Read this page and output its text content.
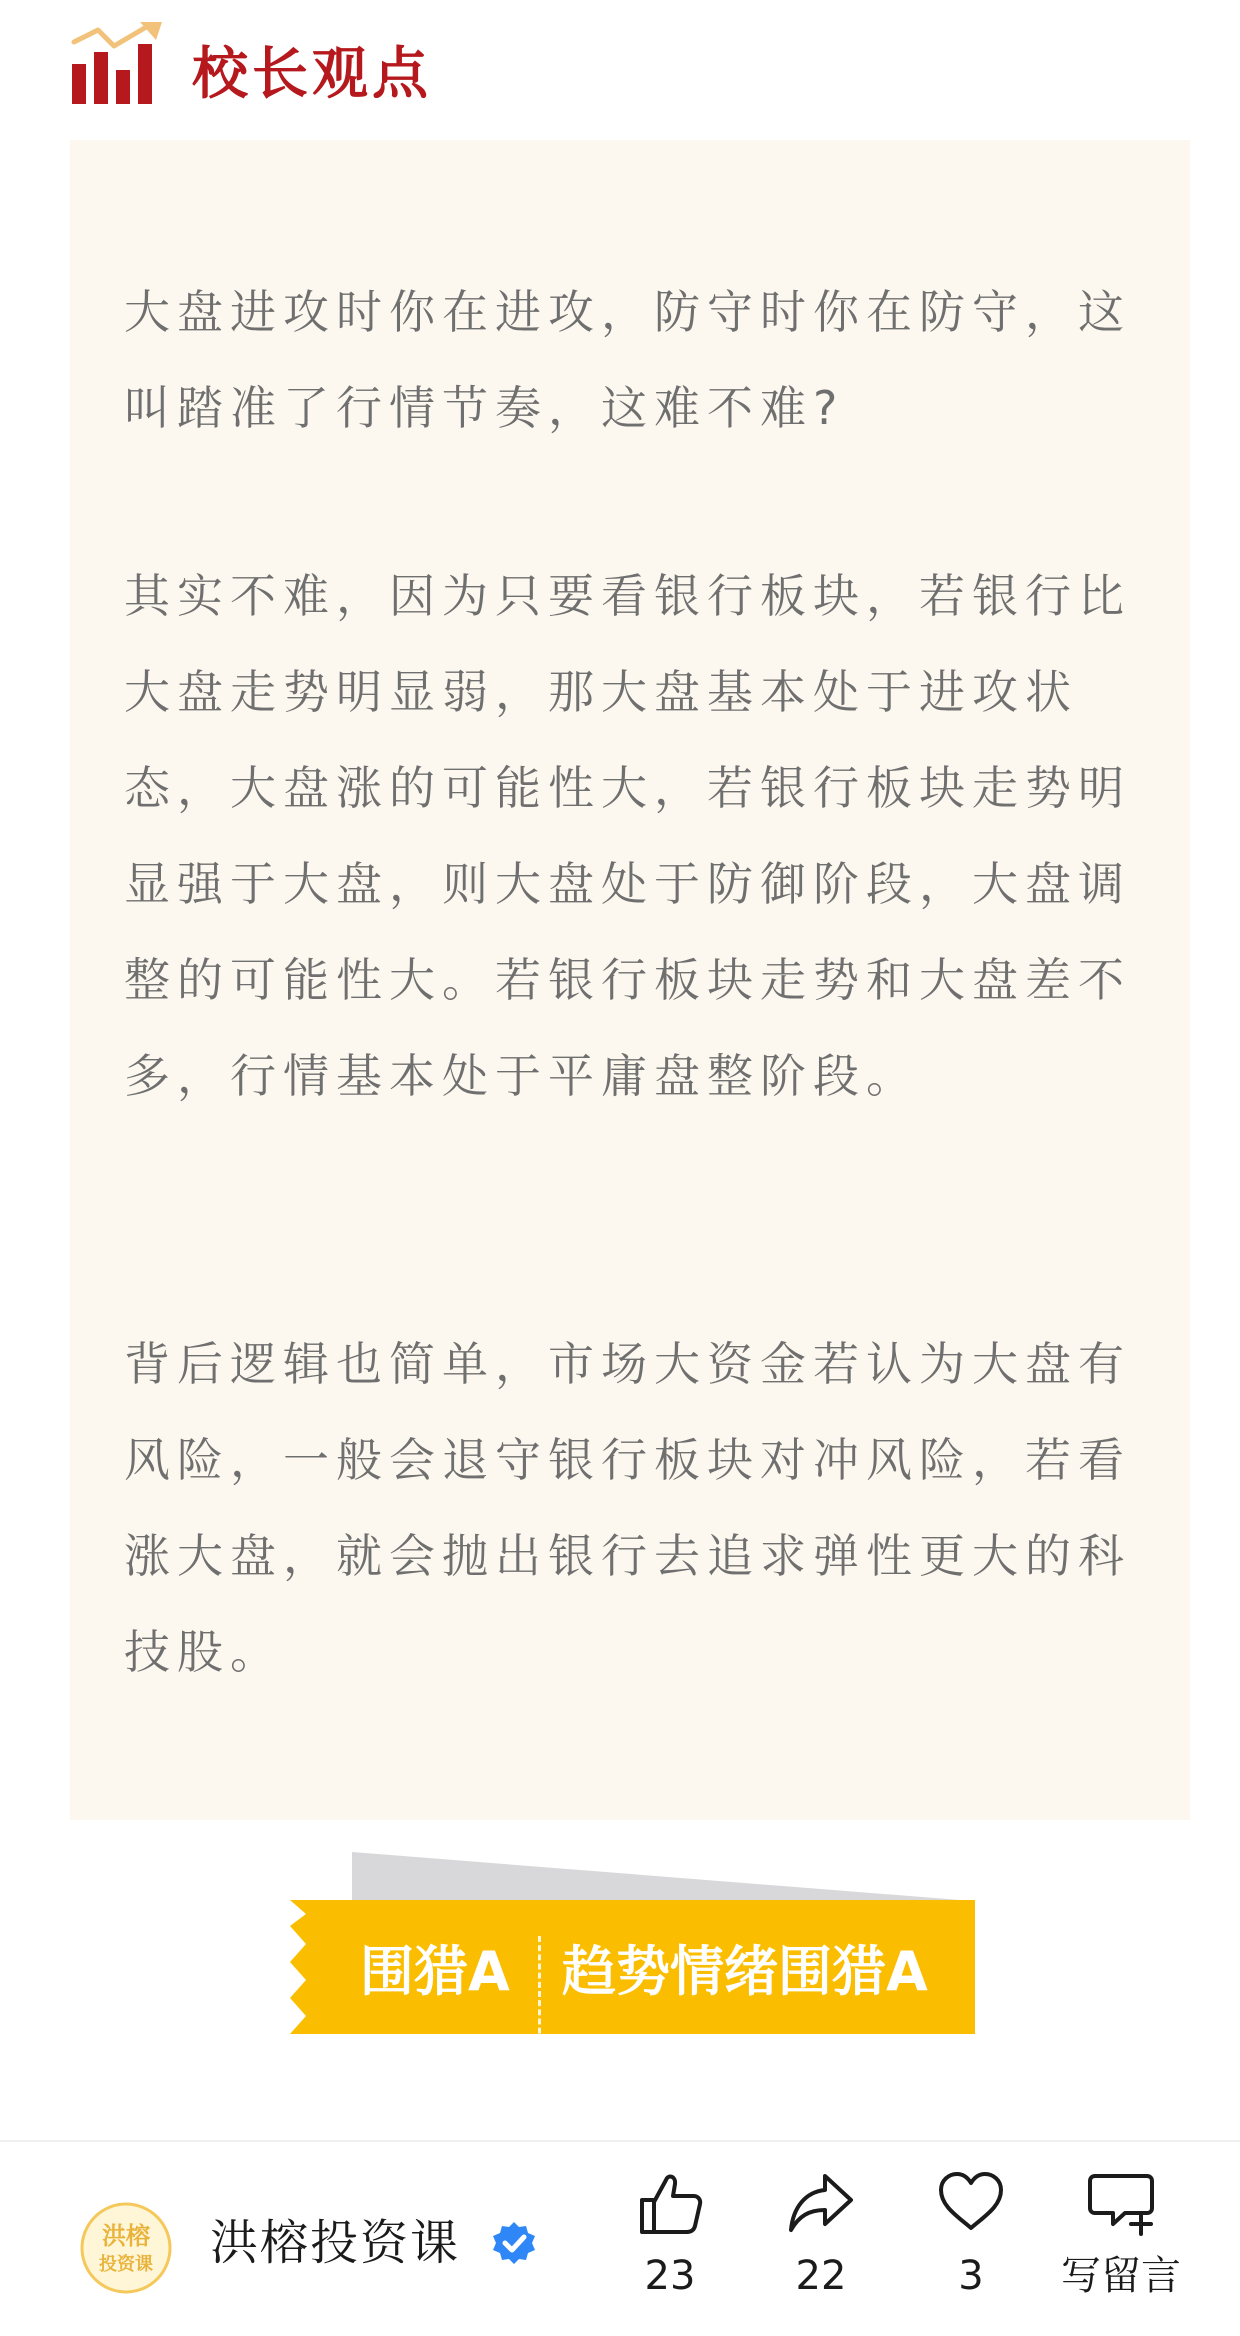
校长观点

大盘进攻时你在进攻，防守时你在防守，这叫踏准了行情节奏，这难不难?

其实不难，因为只要看银行板块，若银行比大盘走势明显弱，那大盘基本处于进攻状态，大盘涨的可能性大，若银行板块走势明显强于大盘，则大盘处于防御阶段，大盘调整的可能性大。若银行板块走势和大盘差不多，行情基本处于平庸盘整阶段。

背后逻辑也简单，市场大资金若认为大盘有风险，一般会退守银行板块对冲风险，若看涨大盘，就会抛出银行去追求弹性更大的科技股。

围猎A 趋势情绪围猎A
洪榕
投资课 洪榕投资课
23	22	3	写留言
